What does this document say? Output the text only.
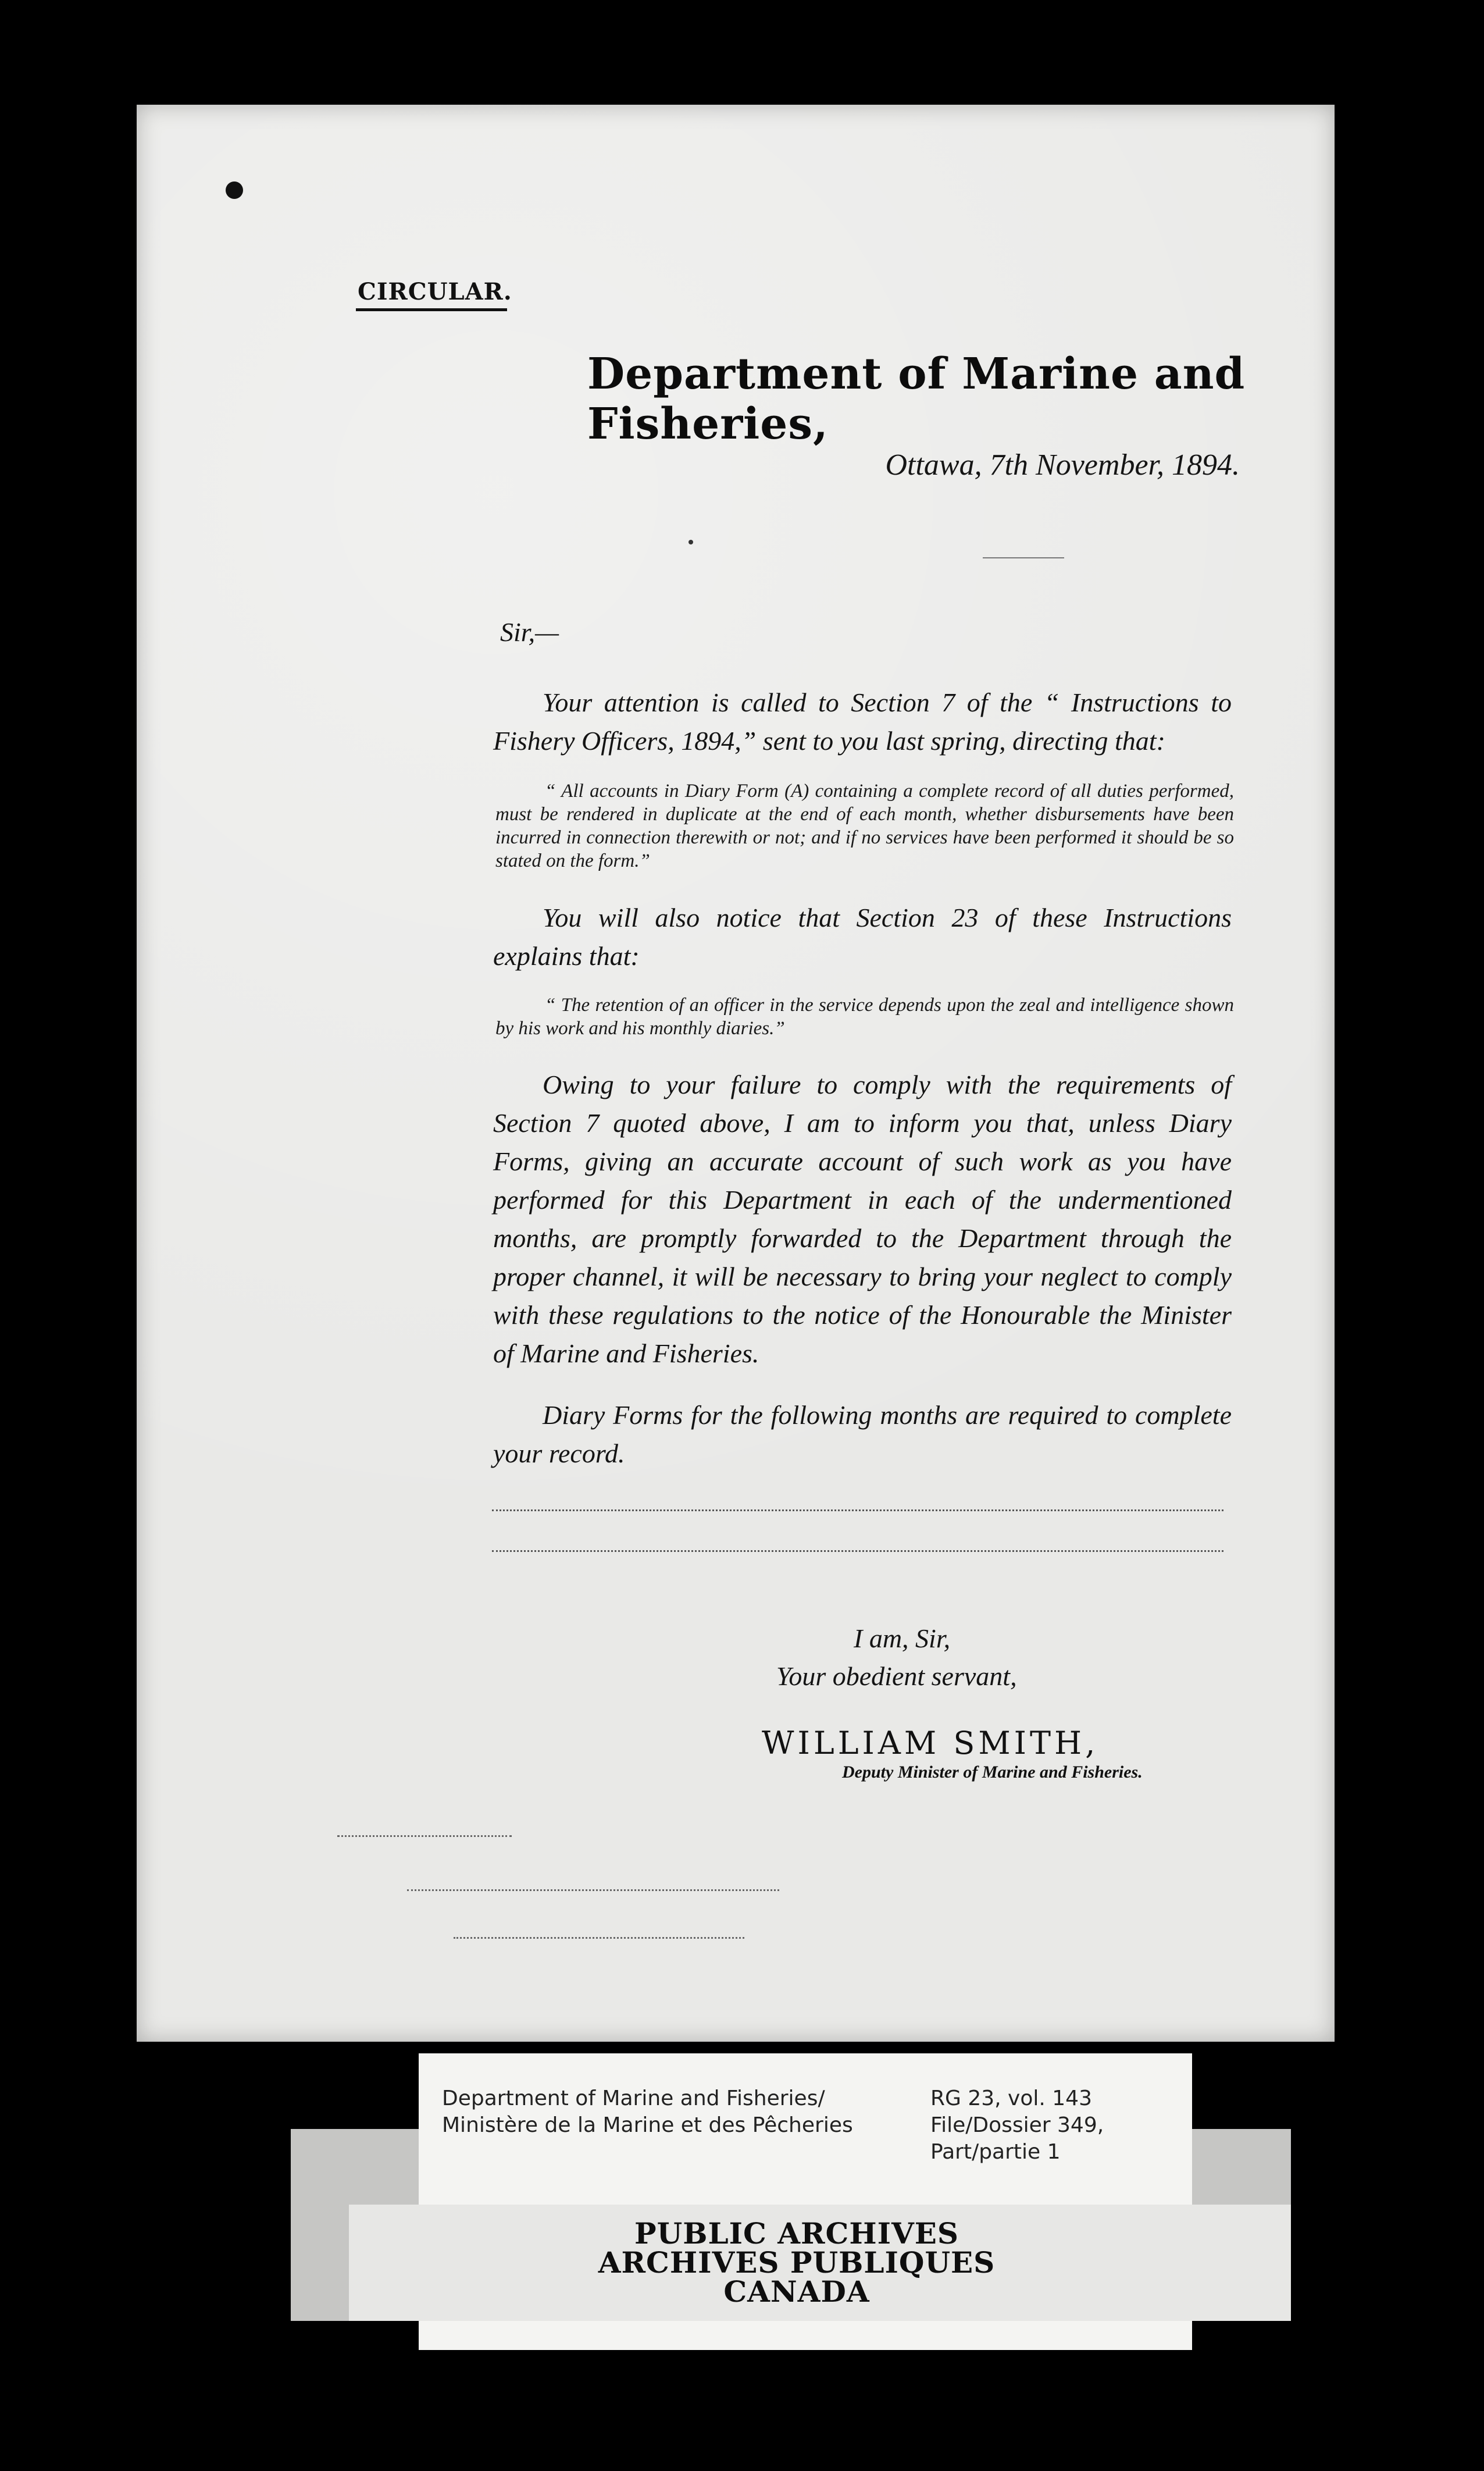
CIRCULAR.
Department of Marine and Fisheries,
Ottawa, 7th November, 1894.
Sir,—
Your attention is called to Section 7 of the “ Instructions to Fishery Officers, 1894,” sent to you last spring, directing that:
“ All accounts in Diary Form (A) containing a complete record of all duties performed, must be rendered in duplicate at the end of each month, whether disbursements have been incurred in connection therewith or not; and if no services have been performed it should be so stated on the form.”
You will also notice that Section 23 of these Instructions explains that:
“ The retention of an officer in the service depends upon the zeal and intelligence shown by his work and his monthly diaries.”
Owing to your failure to comply with the requirements of Section 7 quoted above, I am to inform you that, unless Diary Forms, giving an accurate account of such work as you have performed for this Department in each of the undermentioned months, are promptly forwarded to the Department through the proper channel, it will be necessary to bring your neglect to comply with these regulations to the notice of the Honourable the Minister of Marine and Fisheries.
Diary Forms for the following months are required to complete your record.
I am, Sir,
Your obedient servant,
WILLIAM SMITH,
Deputy Minister of Marine and Fisheries.
Department of Marine and Fisheries/
Ministère de la Marine et des Pêcheries
RG 23, vol. 143
File/Dossier 349,
Part/partie 1
PUBLIC ARCHIVES
ARCHIVES PUBLIQUES
CANADA
